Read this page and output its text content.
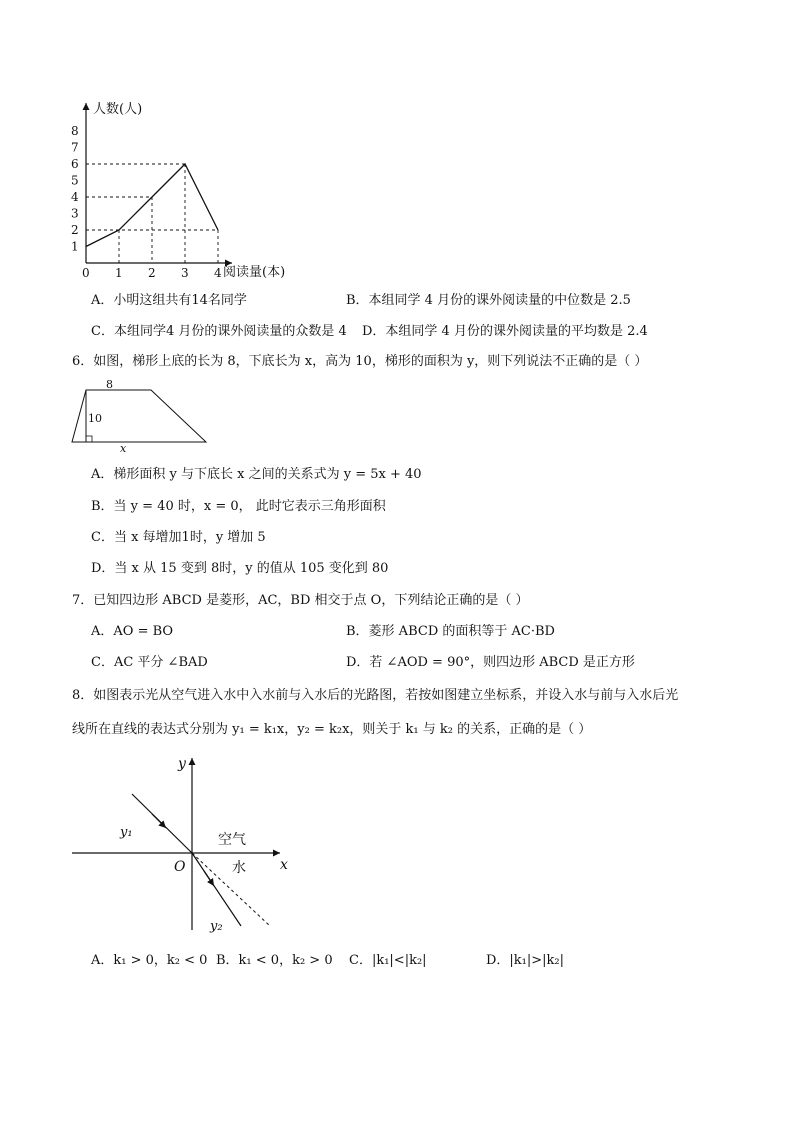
1
2
3
4
5
6
7
8
0 1 2 3 4
人数(人)
阅读量(本)
A．小明这组共有14名同学	B．本组同学 4 月份的课外阅读量的中位数是 2.5
C．本组同学4 月份的课外阅读量的众数是 4 D．本组同学 4 月份的课外阅读量的平均数是 2.4
6．如图，梯形上底的长为 8，下底长为 x，高为 10，梯形的面积为 y，则下列说法不正确的是（ ）
8
10
x
A．梯形面积 y 与下底长 x 之间的关系式为 y = 5x + 40
B．当 y = 40 时，x = 0， 此时它表示三角形面积
C．当 x 每增加1时，y 增加 5
D．当 x 从 15 变到 8时，y 的值从 105 变化到 80
7．已知四边形 ABCD 是菱形，AC，BD 相交于点 O，下列结论正确的是（ ）
A．AO = BO	B．菱形 ABCD 的面积等于 AC·BD
C．AC 平分 ∠BAD	D．若 ∠AOD = 90°，则四边形 ABCD 是正方形
8．如图表示光从空气进入水中入水前与入水后的光路图，若按如图建立坐标系，并设入水与前与入水后光
线所在直线的表达式分别为 y₁ = k₁x，y₂ = k₂x，则关于 k₁ 与 k₂ 的关系，正确的是（ ）
y
x
O
y₁
y₂
空气
水
A．k₁ > 0，k₂ < 0 B．k₁ < 0，k₂ > 0 C．|k₁|<|k₂|	D．|k₁|>|k₂|
